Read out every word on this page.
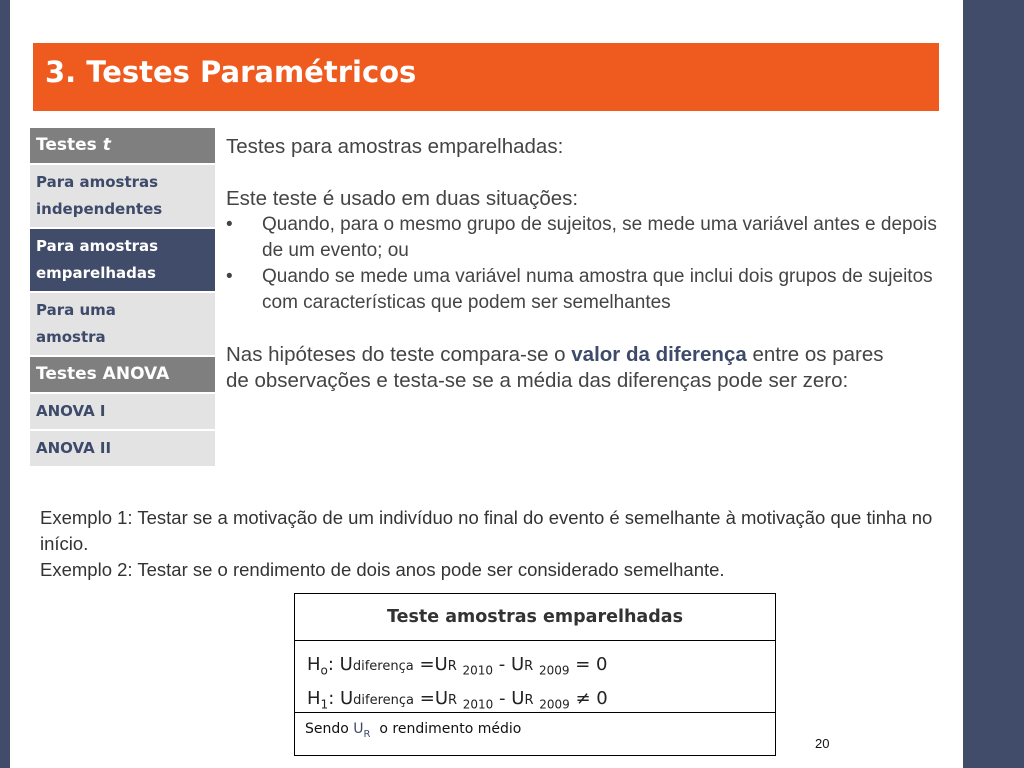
3. Testes Paramétricos
Testes t
Para amostras
independentes
Para amostras
emparelhadas
Para uma
amostra
Testes ANOVA
ANOVA I
ANOVA II

Testes para amostras emparelhadas:

Este teste é usado em duas situações:

• Quando, para o mesmo grupo de sujeitos, se mede uma variável antes e depois de um evento; ou
• Quando se mede uma variável numa amostra que inclui dois grupos de sujeitos com características que podem ser semelhantes

Nas hipóteses do teste compara-se o valor da diferença entre os pares de observações e testa-se se a média das diferenças pode ser zero:

Exemplo 1: Testar se a motivação de um indivíduo no final do evento é semelhante à motivação que tinha no início.

Exemplo 2: Testar se o rendimento de dois anos pode ser considerado semelhante.

Teste amostras emparelhadas
$H_o$: Udiferença =UR $_{2010}$ - UR $_{2009}$ = 0
$H_1$: Udiferença =UR $_{2010}$ - UR $_{2009}$ ≠ 0
Sendo $U_R$  o rendimento médio
20
